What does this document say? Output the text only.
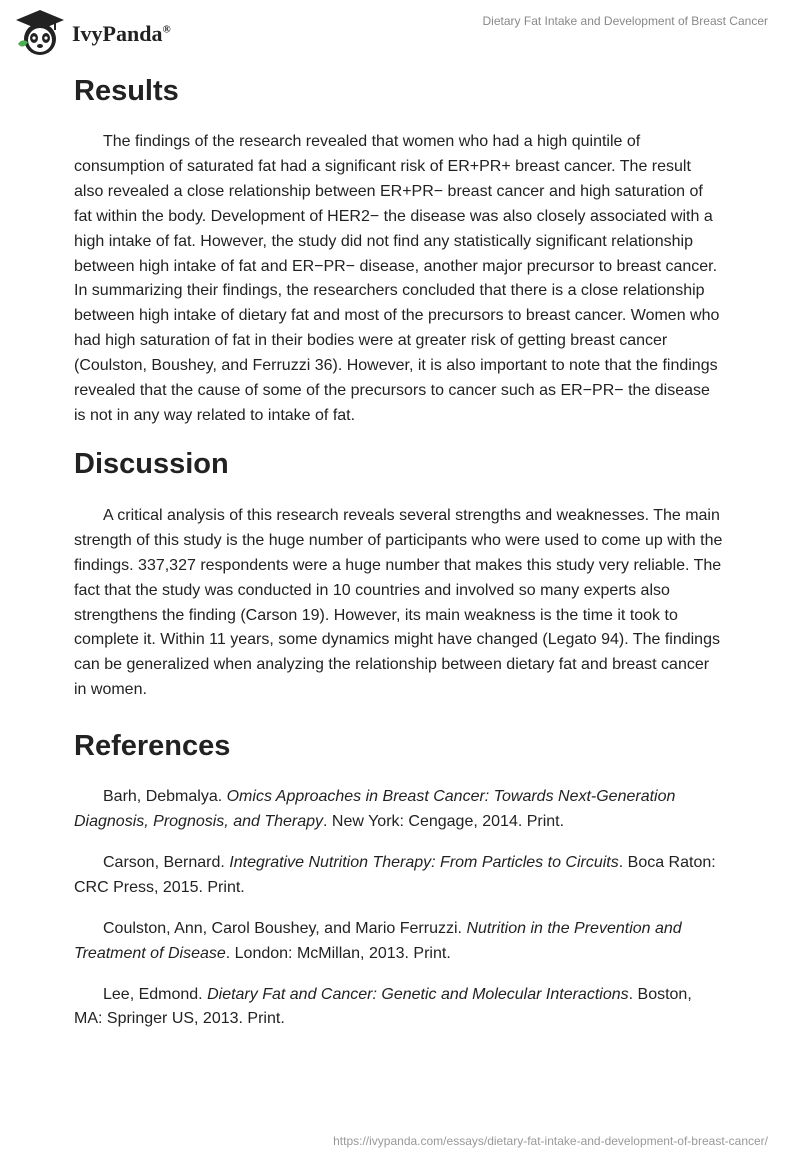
IvyPanda®
Dietary Fat Intake and Development of Breast Cancer
Results

The findings of the research revealed that women who had a high quintile of consumption of saturated fat had a significant risk of ER+PR+ breast cancer. The result also revealed a close relationship between ER+PR− breast cancer and high saturation of fat within the body. Development of HER2− the disease was also closely associated with a high intake of fat. However, the study did not find any statistically significant relationship between high intake of fat and ER−PR− disease, another major precursor to breast cancer. In summarizing their findings, the researchers concluded that there is a close relationship between high intake of dietary fat and most of the precursors to breast cancer. Women who had high saturation of fat in their bodies were at greater risk of getting breast cancer (Coulston, Boushey, and Ferruzzi 36). However, it is also important to note that the findings revealed that the cause of some of the precursors to cancer such as ER−PR− the disease is not in any way related to intake of fat.

Discussion

A critical analysis of this research reveals several strengths and weaknesses. The main strength of this study is the huge number of participants who were used to come up with the findings. 337,327 respondents were a huge number that makes this study very reliable. The fact that the study was conducted in 10 countries and involved so many experts also strengthens the finding (Carson 19). However, its main weakness is the time it took to complete it. Within 11 years, some dynamics might have changed (Legato 94). The findings can be generalized when analyzing the relationship between dietary fat and breast cancer in women.

References

Barh, Debmalya. Omics Approaches in Breast Cancer: Towards Next-Generation Diagnosis, Prognosis, and Therapy. New York: Cengage, 2014. Print.

Carson, Bernard. Integrative Nutrition Therapy: From Particles to Circuits. Boca Raton: CRC Press, 2015. Print.

Coulston, Ann, Carol Boushey, and Mario Ferruzzi. Nutrition in the Prevention and Treatment of Disease. London: McMillan, 2013. Print.

Lee, Edmond. Dietary Fat and Cancer: Genetic and Molecular Interactions. Boston, MA: Springer US, 2013. Print.

https://ivypanda.com/essays/dietary-fat-intake-and-development-of-breast-cancer/
